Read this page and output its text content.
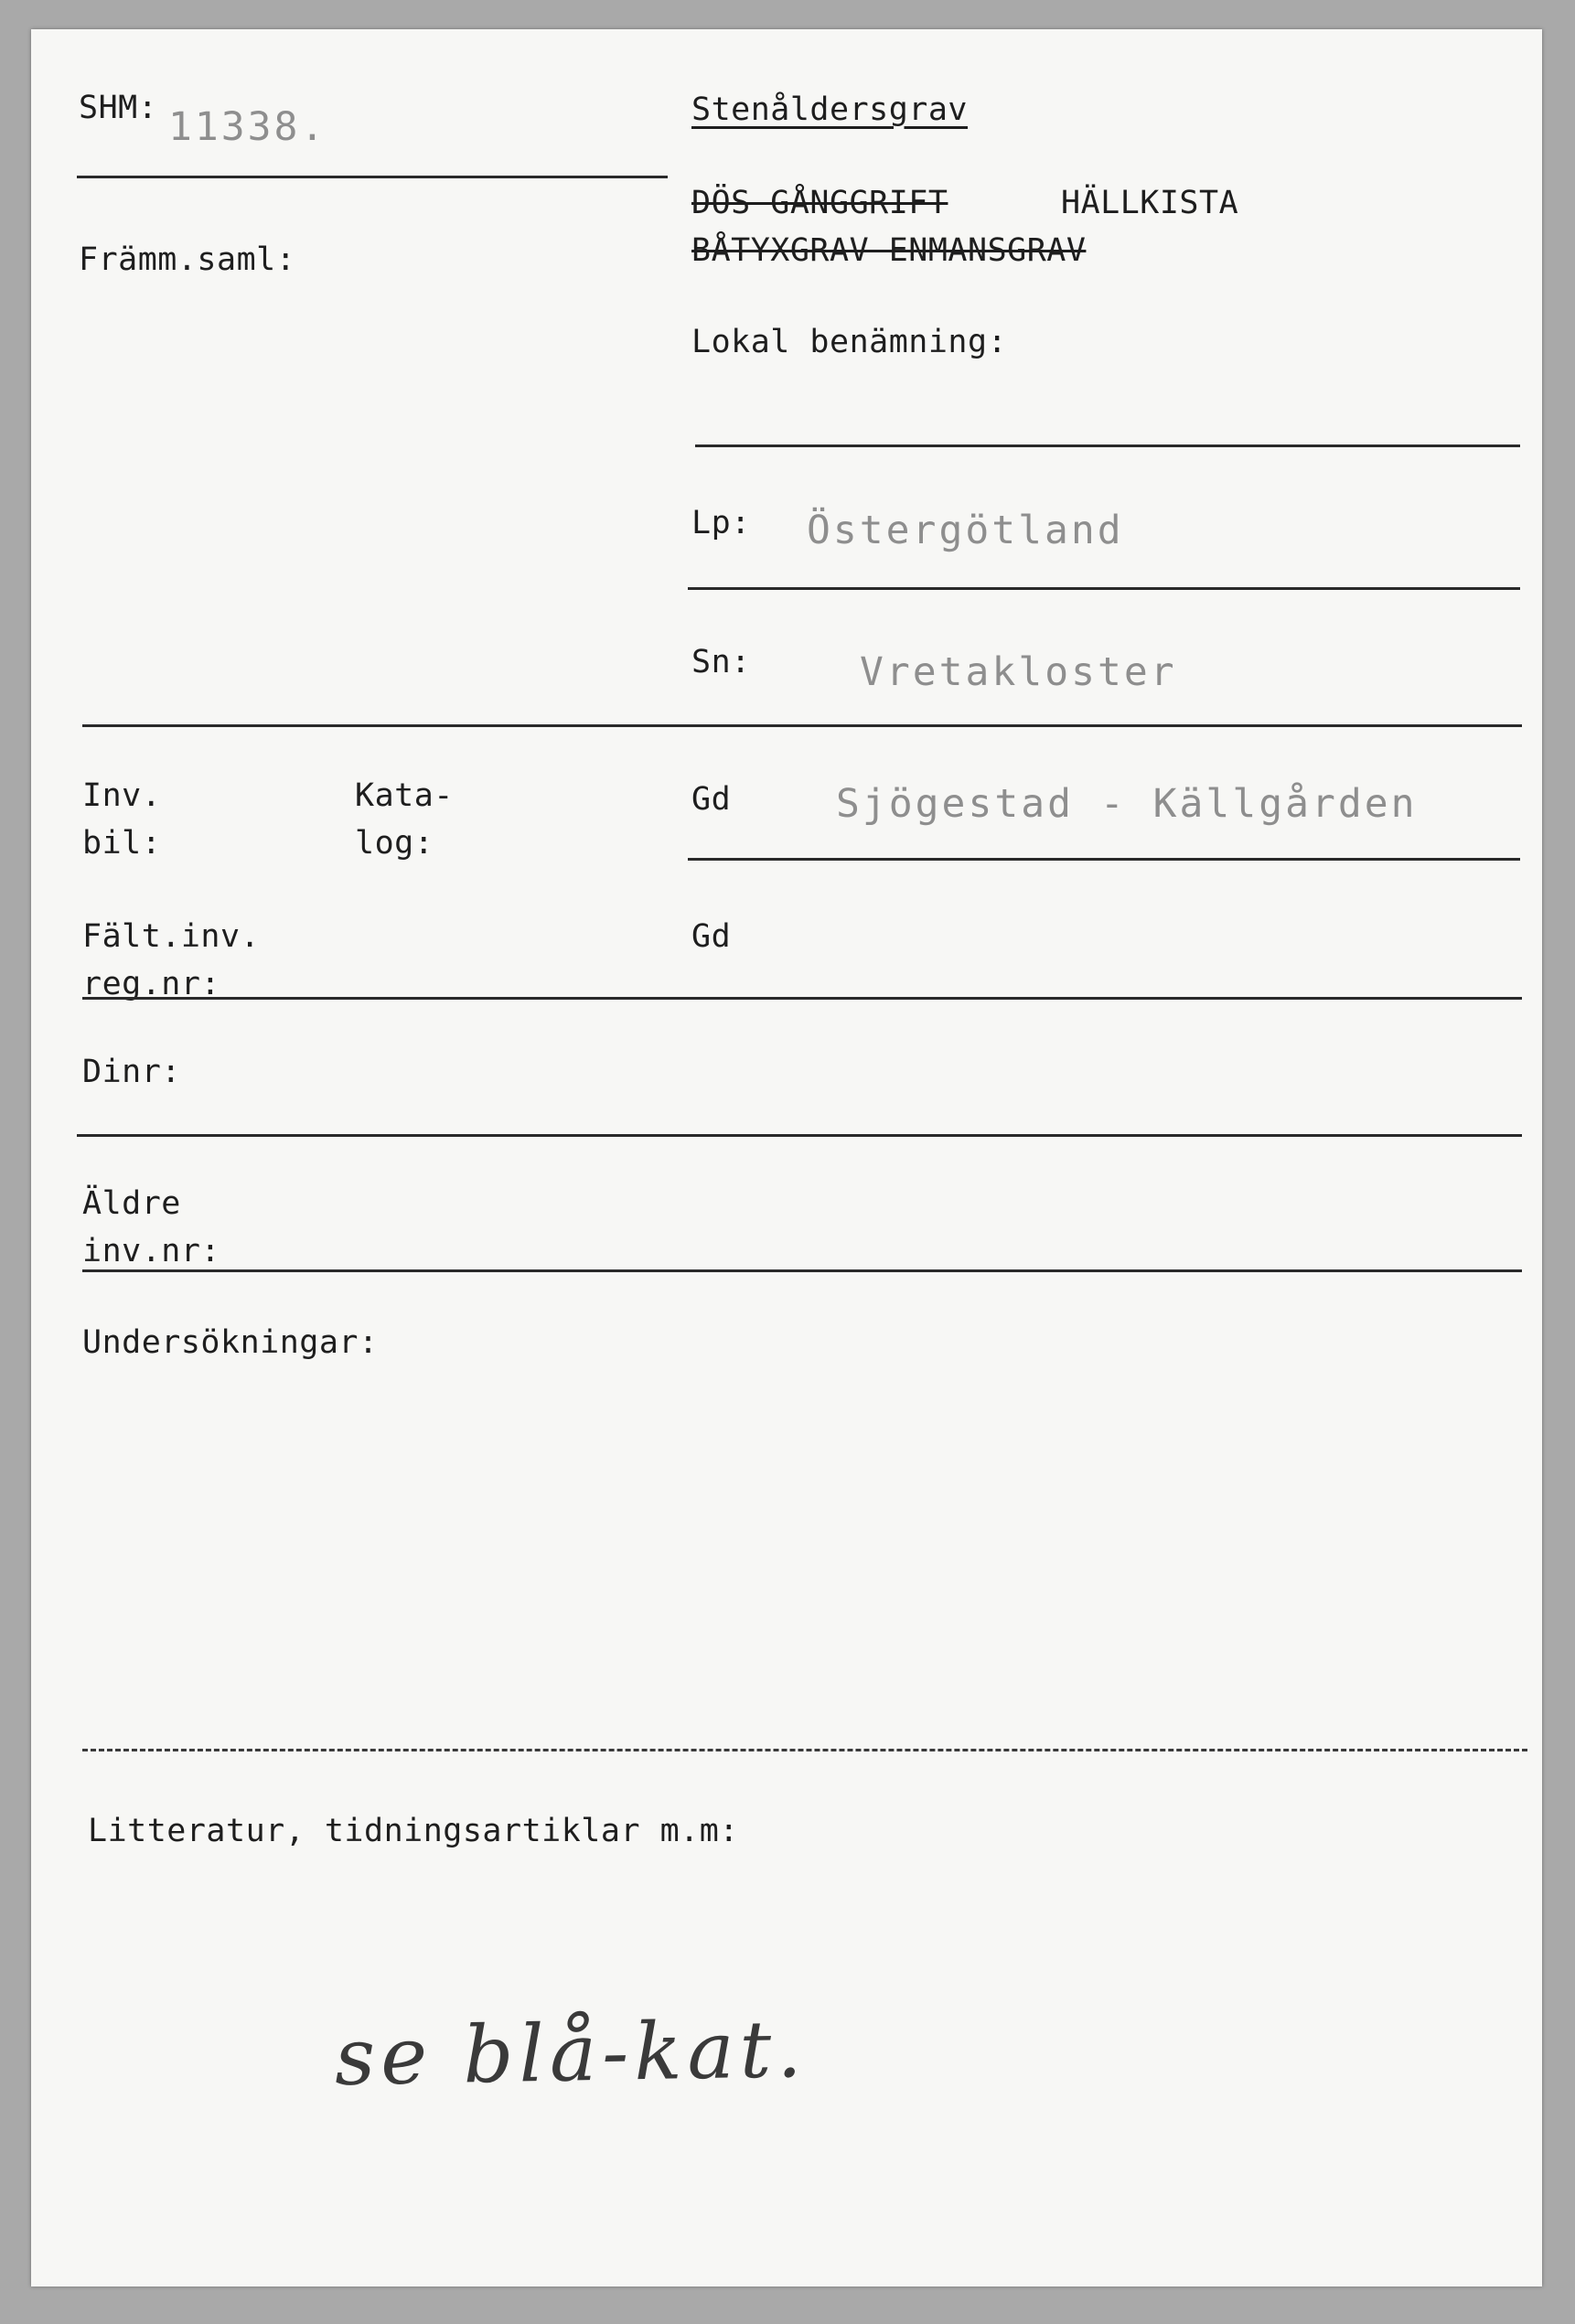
SHM: 11338.
Främm.saml:
Stenåldersgrav
DÖS GÅNGGRIFT	HÄLLKISTA
BÅTYXGRAV ENMANSGRAV
Lokal benämning:
Lp: Östergötland
Sn:	Vretakloster
Inv.
bil:
Kata-
log:
Gd	Sjögestad - Källgården
Fält.inv.
reg.nr:
Gd
Dinr:
Äldre
inv.nr:
Undersökningar:
Litteratur, tidningsartiklar m.m:
se blå-kat.
